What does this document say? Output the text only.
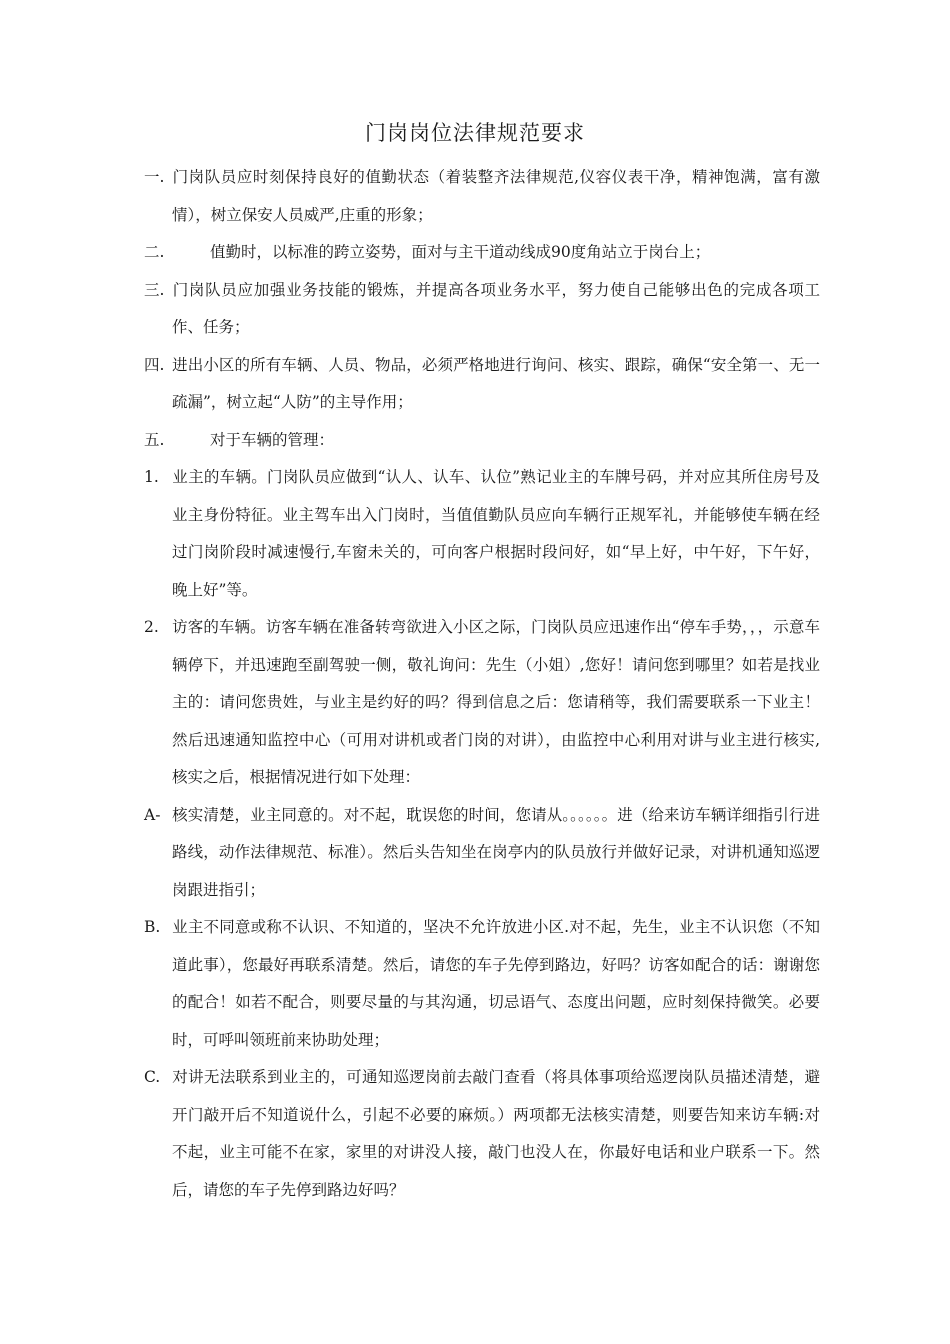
门岗岗位法律规范要求

一. 门岗队员应时刻保持良好的值勤状态（着装整齐法律规范,仪容仪表干净，精神饱满，富有激情），树立保安人员威严,庄重的形象；

二.	值勤时，以标准的跨立姿势，面对与主干道动线成90度角站立于岗台上；

三. 门岗队员应加强业务技能的锻炼，并提高各项业务水平，努力使自己能够出色的完成各项工作、任务；

四. 进出小区的所有车辆、人员、物品，必须严格地进行询问、核实、跟踪，确保“安全第一、无一疏漏”，树立起“人防”的主导作用；

五.	对于车辆的管理：

1. 业主的车辆。门岗队员应做到“认人、认车、认位”熟记业主的车牌号码，并对应其所住房号及业主身份特征。业主驾车出入门岗时，当值值勤队员应向车辆行正规军礼，并能够使车辆在经过门岗阶段时减速慢行,车窗未关的，可向客户根据时段问好，如“早上好，中午好，下午好，晚上好”等。

2. 访客的车辆。访客车辆在准备转弯欲进入小区之际，门岗队员应迅速作出“停车手势，，，示意车辆停下，并迅速跑至副驾驶一侧，敬礼询问：先生（小姐）,您好！请问您到哪里？如若是找业主的：请问您贵姓，与业主是约好的吗？得到信息之后：您请稍等，我们需要联系一下业主！然后迅速通知监控中心（可用对讲机或者门岗的对讲），由监控中心利用对讲与业主进行核实,核实之后，根据情况进行如下处理：

A- 核实清楚，业主同意的。对不起，耽误您的时间，您请从。。。。。。进（给来访车辆详细指引行进路线，动作法律规范、标准）。然后头告知坐在岗亭内的队员放行并做好记录，对讲机通知巡逻岗跟进指引；

B. 业主不同意或称不认识、不知道的，坚决不允许放进小区.对不起，先生，业主不认识您（不知道此事），您最好再联系清楚。然后，请您的车子先停到路边，好吗？访客如配合的话：谢谢您的配合！如若不配合，则要尽量的与其沟通，切忌语气、态度出问题，应时刻保持微笑。必要时，可呼叫领班前来协助处理；

C. 对讲无法联系到业主的，可通知巡逻岗前去敲门查看（将具体事项给巡逻岗队员描述清楚，避开门敲开后不知道说什么，引起不必要的麻烦。）两项都无法核实清楚，则要告知来访车辆:对不起，业主可能不在家，家里的对讲没人接，敲门也没人在，你最好电话和业户联系一下。然后，请您的车子先停到路边好吗？
